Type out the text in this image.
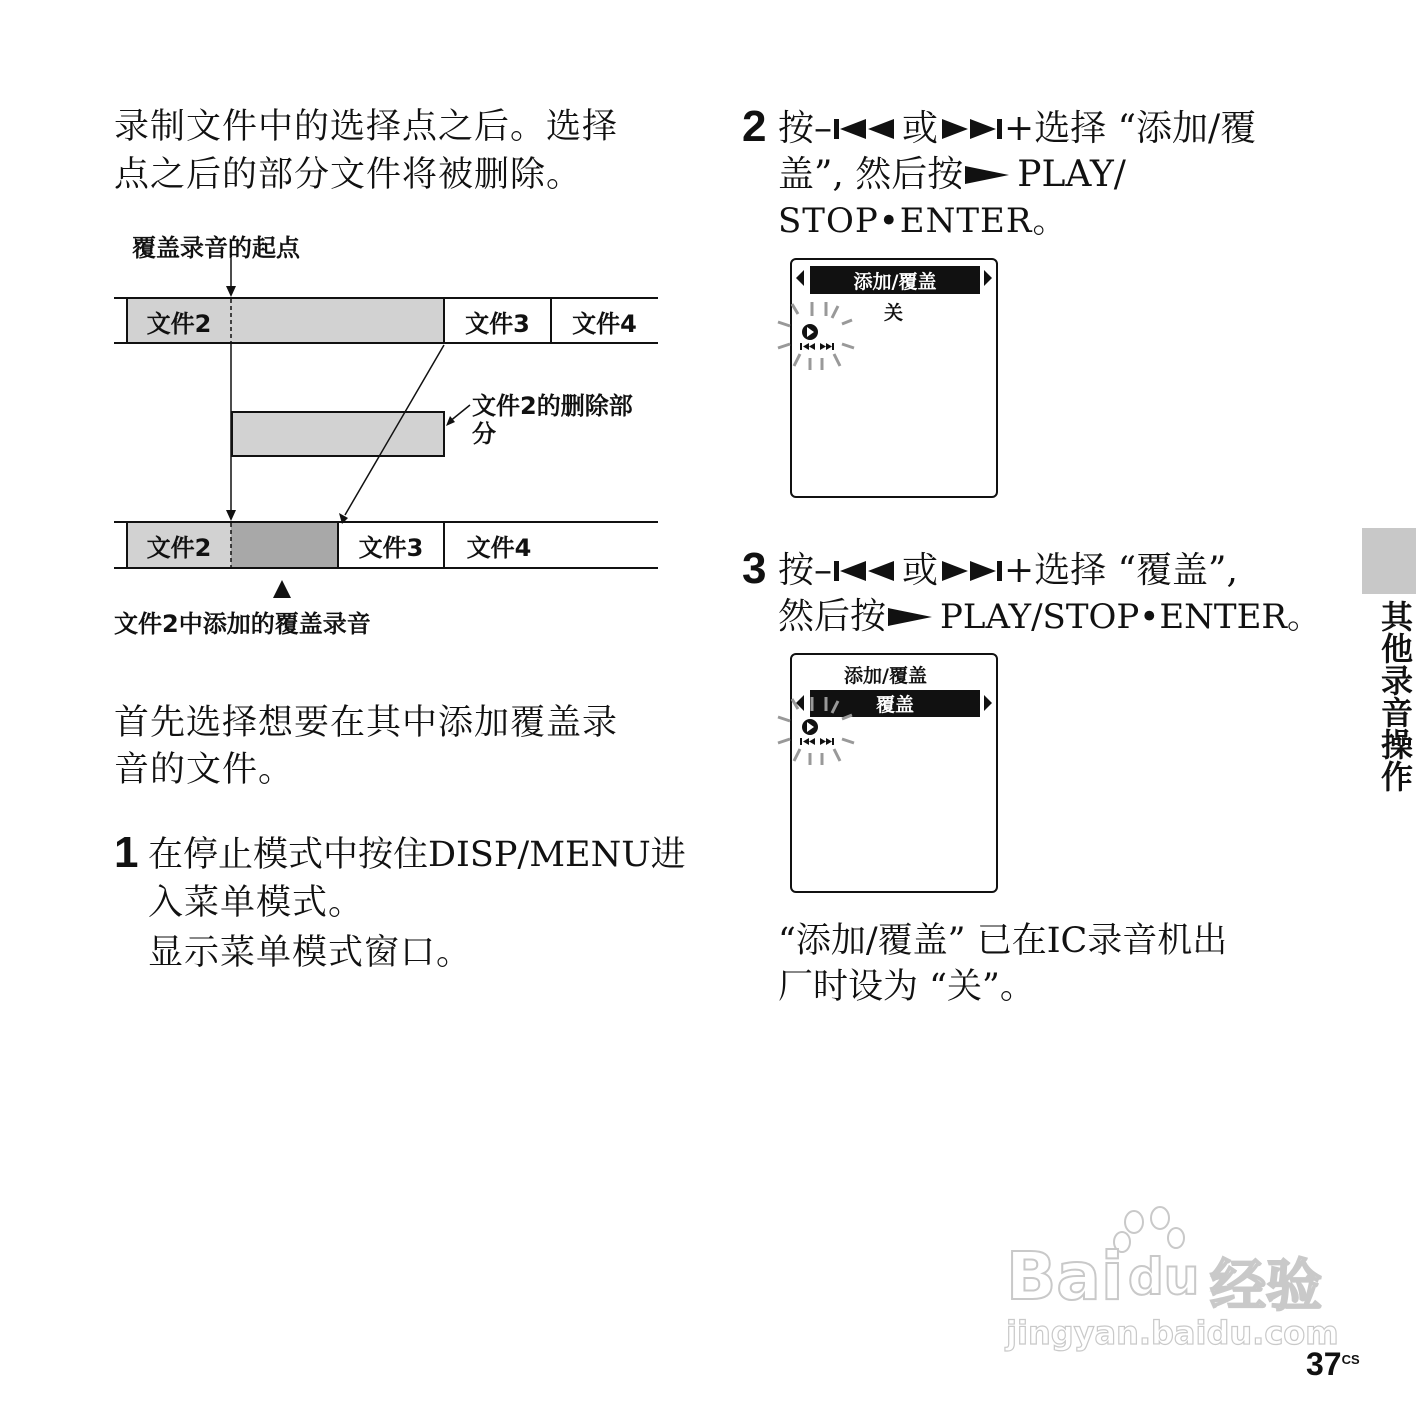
录制文件中的选择点之后。选择
点之后的部分文件将被删除。
覆盖录音的起点
文件2	文件3	文件4
文件2的删除部
分
文件2	文件3	文件4
文件2中添加的覆盖录音
首先选择想要在其中添加覆盖录
音的文件。
1 在停止模式中按住DISP/MENU进
入菜单模式。
显示菜单模式窗口。
2 按– 或 +选择 “添加/覆
盖”, 然后按 PLAY/
STOP•ENTER。
添加/覆盖
关
3 按– 或 +选择 “覆盖”,
然后按 PLAY/STOP•ENTER。
添加/覆盖
覆盖
“添加/覆盖” 已在IC录音机出
厂时设为 “关”。
其他录音操作
Bai du 经验
jingyan.baidu.com
$37^{CS}$
